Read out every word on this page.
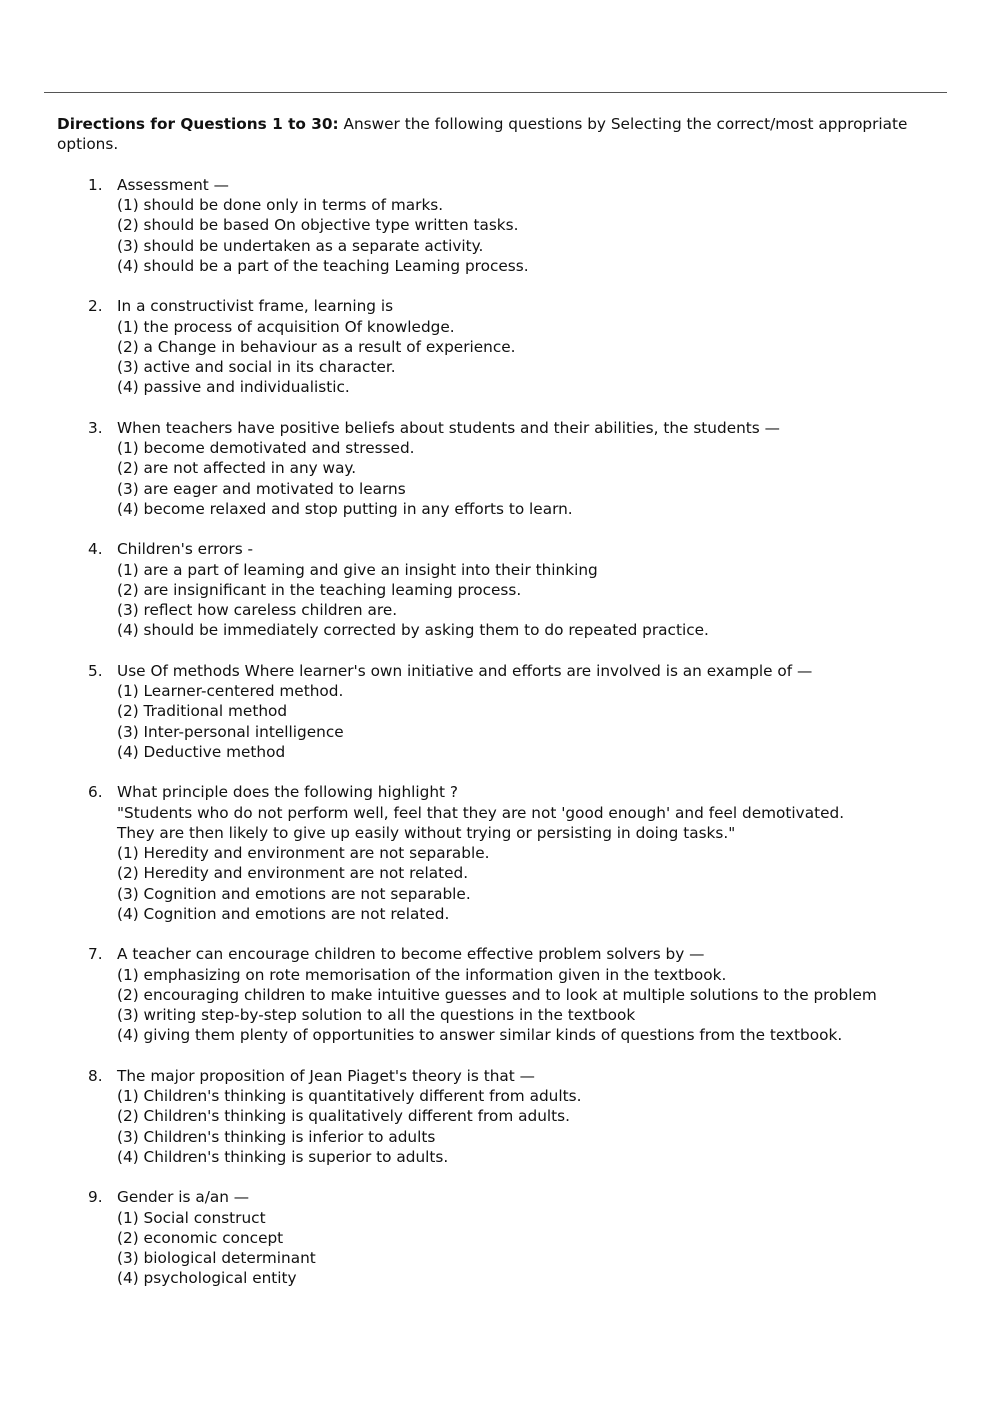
Directions for Questions 1 to 30: Answer the following questions by Selecting the correct/most appropriate options.

1. Assessment —
(1) should be done only in terms of marks.
(2) should be based On objective type written tasks.
(3) should be undertaken as a separate activity.
(4) should be a part of the teaching Leaming process.
2. In a constructivist frame, learning is
(1) the process of acquisition Of knowledge.
(2) a Change in behaviour as a result of experience.
(3) active and social in its character.
(4) passive and individualistic.
3. When teachers have positive beliefs about students and their abilities, the students —
(1) become demotivated and stressed.
(2) are not affected in any way.
(3) are eager and motivated to learns
(4) become relaxed and stop putting in any efforts to learn.
4. Children's errors -
(1) are a part of leaming and give an insight into their thinking
(2) are insignificant in the teaching leaming process.
(3) reflect how careless children are.
(4) should be immediately corrected by asking them to do repeated practice.
5. Use Of methods Where learner's own initiative and efforts are involved is an example of —
(1) Learner-centered method.
(2) Traditional method
(3) Inter-personal intelligence
(4) Deductive method
6. What principle does the following highlight ?
"Students who do not perform well, feel that they are not 'good enough' and feel demotivated.
They are then likely to give up easily without trying or persisting in doing tasks."
(1) Heredity and environment are not separable.
(2) Heredity and environment are not related.
(3) Cognition and emotions are not separable.
(4) Cognition and emotions are not related.
7. A teacher can encourage children to become effective problem solvers by —
(1) emphasizing on rote memorisation of the information given in the textbook.
(2) encouraging children to make intuitive guesses and to look at multiple solutions to the problem
(3) writing step-by-step solution to all the questions in the textbook
(4) giving them plenty of opportunities to answer similar kinds of questions from the textbook.
8. The major proposition of Jean Piaget's theory is that —
(1) Children's thinking is quantitatively different from adults.
(2) Children's thinking is qualitatively different from adults.
(3) Children's thinking is inferior to adults
(4) Children's thinking is superior to adults.
9. Gender is a/an —
(1) Social construct
(2) economic concept
(3) biological determinant
(4) psychological entity
